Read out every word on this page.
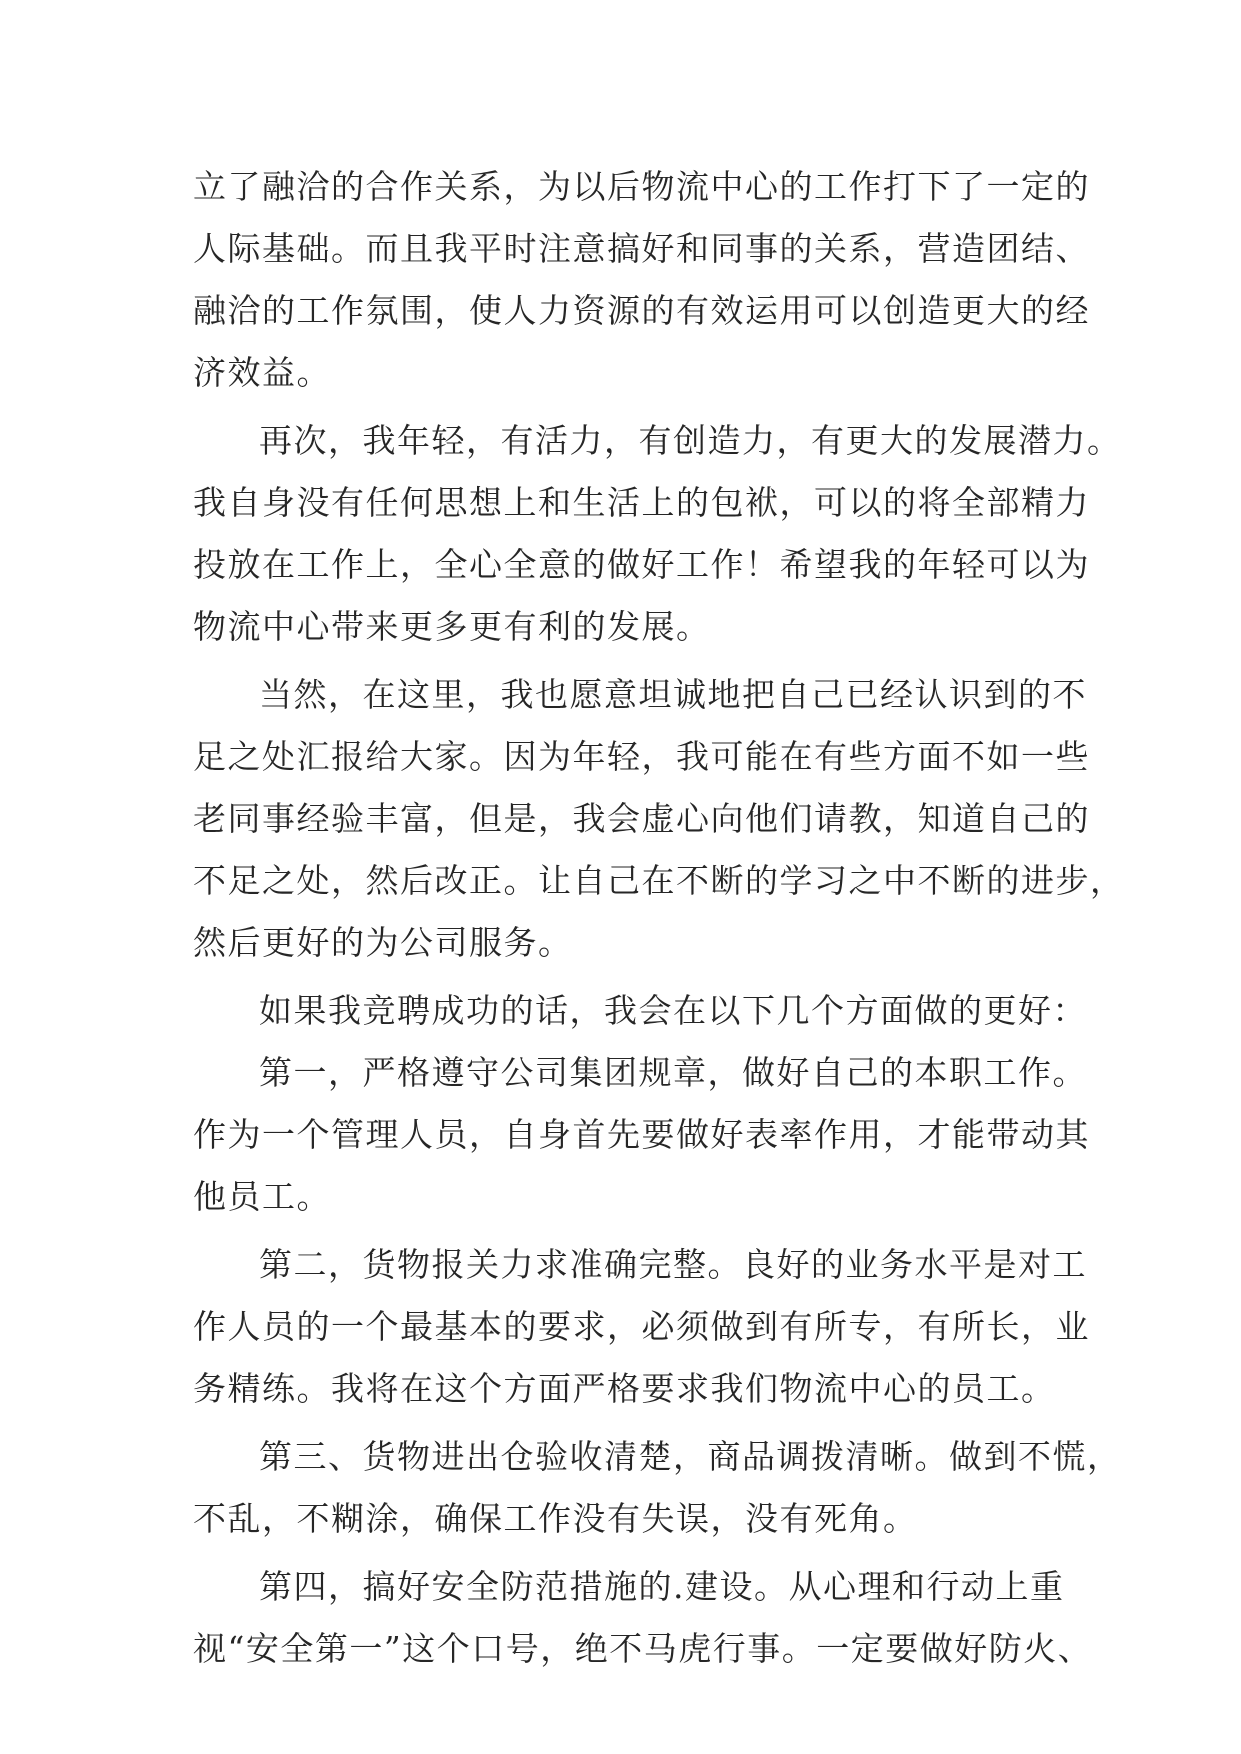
立了融洽的合作关系，为以后物流中心的工作打下了一定的

人际基础。而且我平时注意搞好和同事的关系，营造团结、

融洽的工作氛围，使人力资源的有效运用可以创造更大的经

济效益。

再次，我年轻，有活力，有创造力，有更大的发展潜力。

我自身没有任何思想上和生活上的包袱，可以的将全部精力

投放在工作上，全心全意的做好工作！希望我的年轻可以为

物流中心带来更多更有利的发展。

当然，在这里，我也愿意坦诚地把自己已经认识到的不

足之处汇报给大家。因为年轻，我可能在有些方面不如一些

老同事经验丰富，但是，我会虚心向他们请教，知道自己的

不足之处，然后改正。让自己在不断的学习之中不断的进步，

然后更好的为公司服务。

如果我竞聘成功的话，我会在以下几个方面做的更好：

第一，严格遵守公司集团规章，做好自己的本职工作。

作为一个管理人员，自身首先要做好表率作用，才能带动其

他员工。

第二，货物报关力求准确完整。良好的业务水平是对工

作人员的一个最基本的要求，必须做到有所专，有所长，业

务精练。我将在这个方面严格要求我们物流中心的员工。

第三、货物进出仓验收清楚，商品调拨清晰。做到不慌，

不乱，不糊涂，确保工作没有失误，没有死角。

第四，搞好安全防范措施的.建设。从心理和行动上重

视“安全第一”这个口号，绝不马虎行事。一定要做好防火、
